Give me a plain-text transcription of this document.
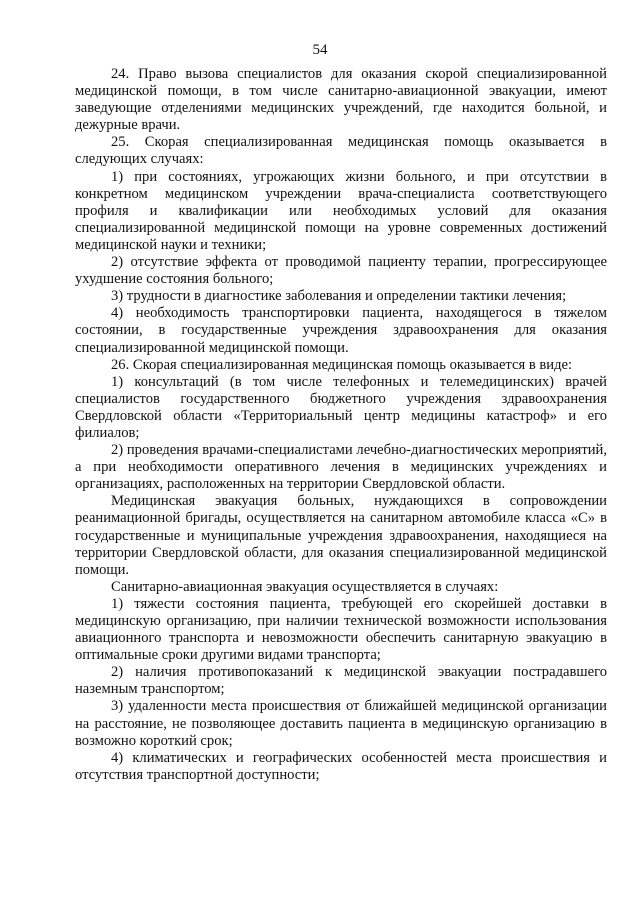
54

24. Право вызова специалистов для оказания скорой специализированной медицинской помощи, в том числе санитарно-авиационной эвакуации, имеют заведующие отделениями медицинских учреждений, где находится больной, и дежурные врачи.

25. Скорая специализированная медицинская помощь оказывается в следующих случаях:

1) при состояниях, угрожающих жизни больного, и при отсутствии в конкретном медицинском учреждении врача-специалиста соответствующего профиля и квалификации или необходимых условий для оказания специализированной медицинской помощи на уровне современных достижений медицинской науки и техники;

2) отсутствие эффекта от проводимой пациенту терапии, прогрессирующее ухудшение состояния больного;

3) трудности в диагностике заболевания и определении тактики лечения;

4) необходимость транспортировки пациента, находящегося в тяжелом состоянии, в государственные учреждения здравоохранения для оказания специализированной медицинской помощи.

26. Скорая специализированная медицинская помощь оказывается в виде:

1) консультаций (в том числе телефонных и телемедицинских) врачей специалистов государственного бюджетного учреждения здравоохранения Свердловской области «Территориальный центр медицины катастроф» и его филиалов;

2) проведения врачами-специалистами лечебно-диагностических мероприятий, а при необходимости оперативного лечения в медицинских учреждениях и организациях, расположенных на территории Свердловской области.

Медицинская эвакуация больных, нуждающихся в сопровождении реанимационной бригады, осуществляется на санитарном автомобиле класса «С» в государственные и муниципальные учреждения здравоохранения, находящиеся на территории Свердловской области, для оказания специализированной медицинской помощи.

Санитарно-авиационная эвакуация осуществляется в случаях:

1) тяжести состояния пациента, требующей его скорейшей доставки в медицинскую организацию, при наличии технической возможности использования авиационного транспорта и невозможности обеспечить санитарную эвакуацию в оптимальные сроки другими видами транспорта;

2) наличия противопоказаний к медицинской эвакуации пострадавшего наземным транспортом;

3) удаленности места происшествия от ближайшей медицинской организации на расстояние, не позволяющее доставить пациента в медицинскую организацию в возможно короткий срок;

4) климатических и географических особенностей места происшествия и отсутствия транспортной доступности;
